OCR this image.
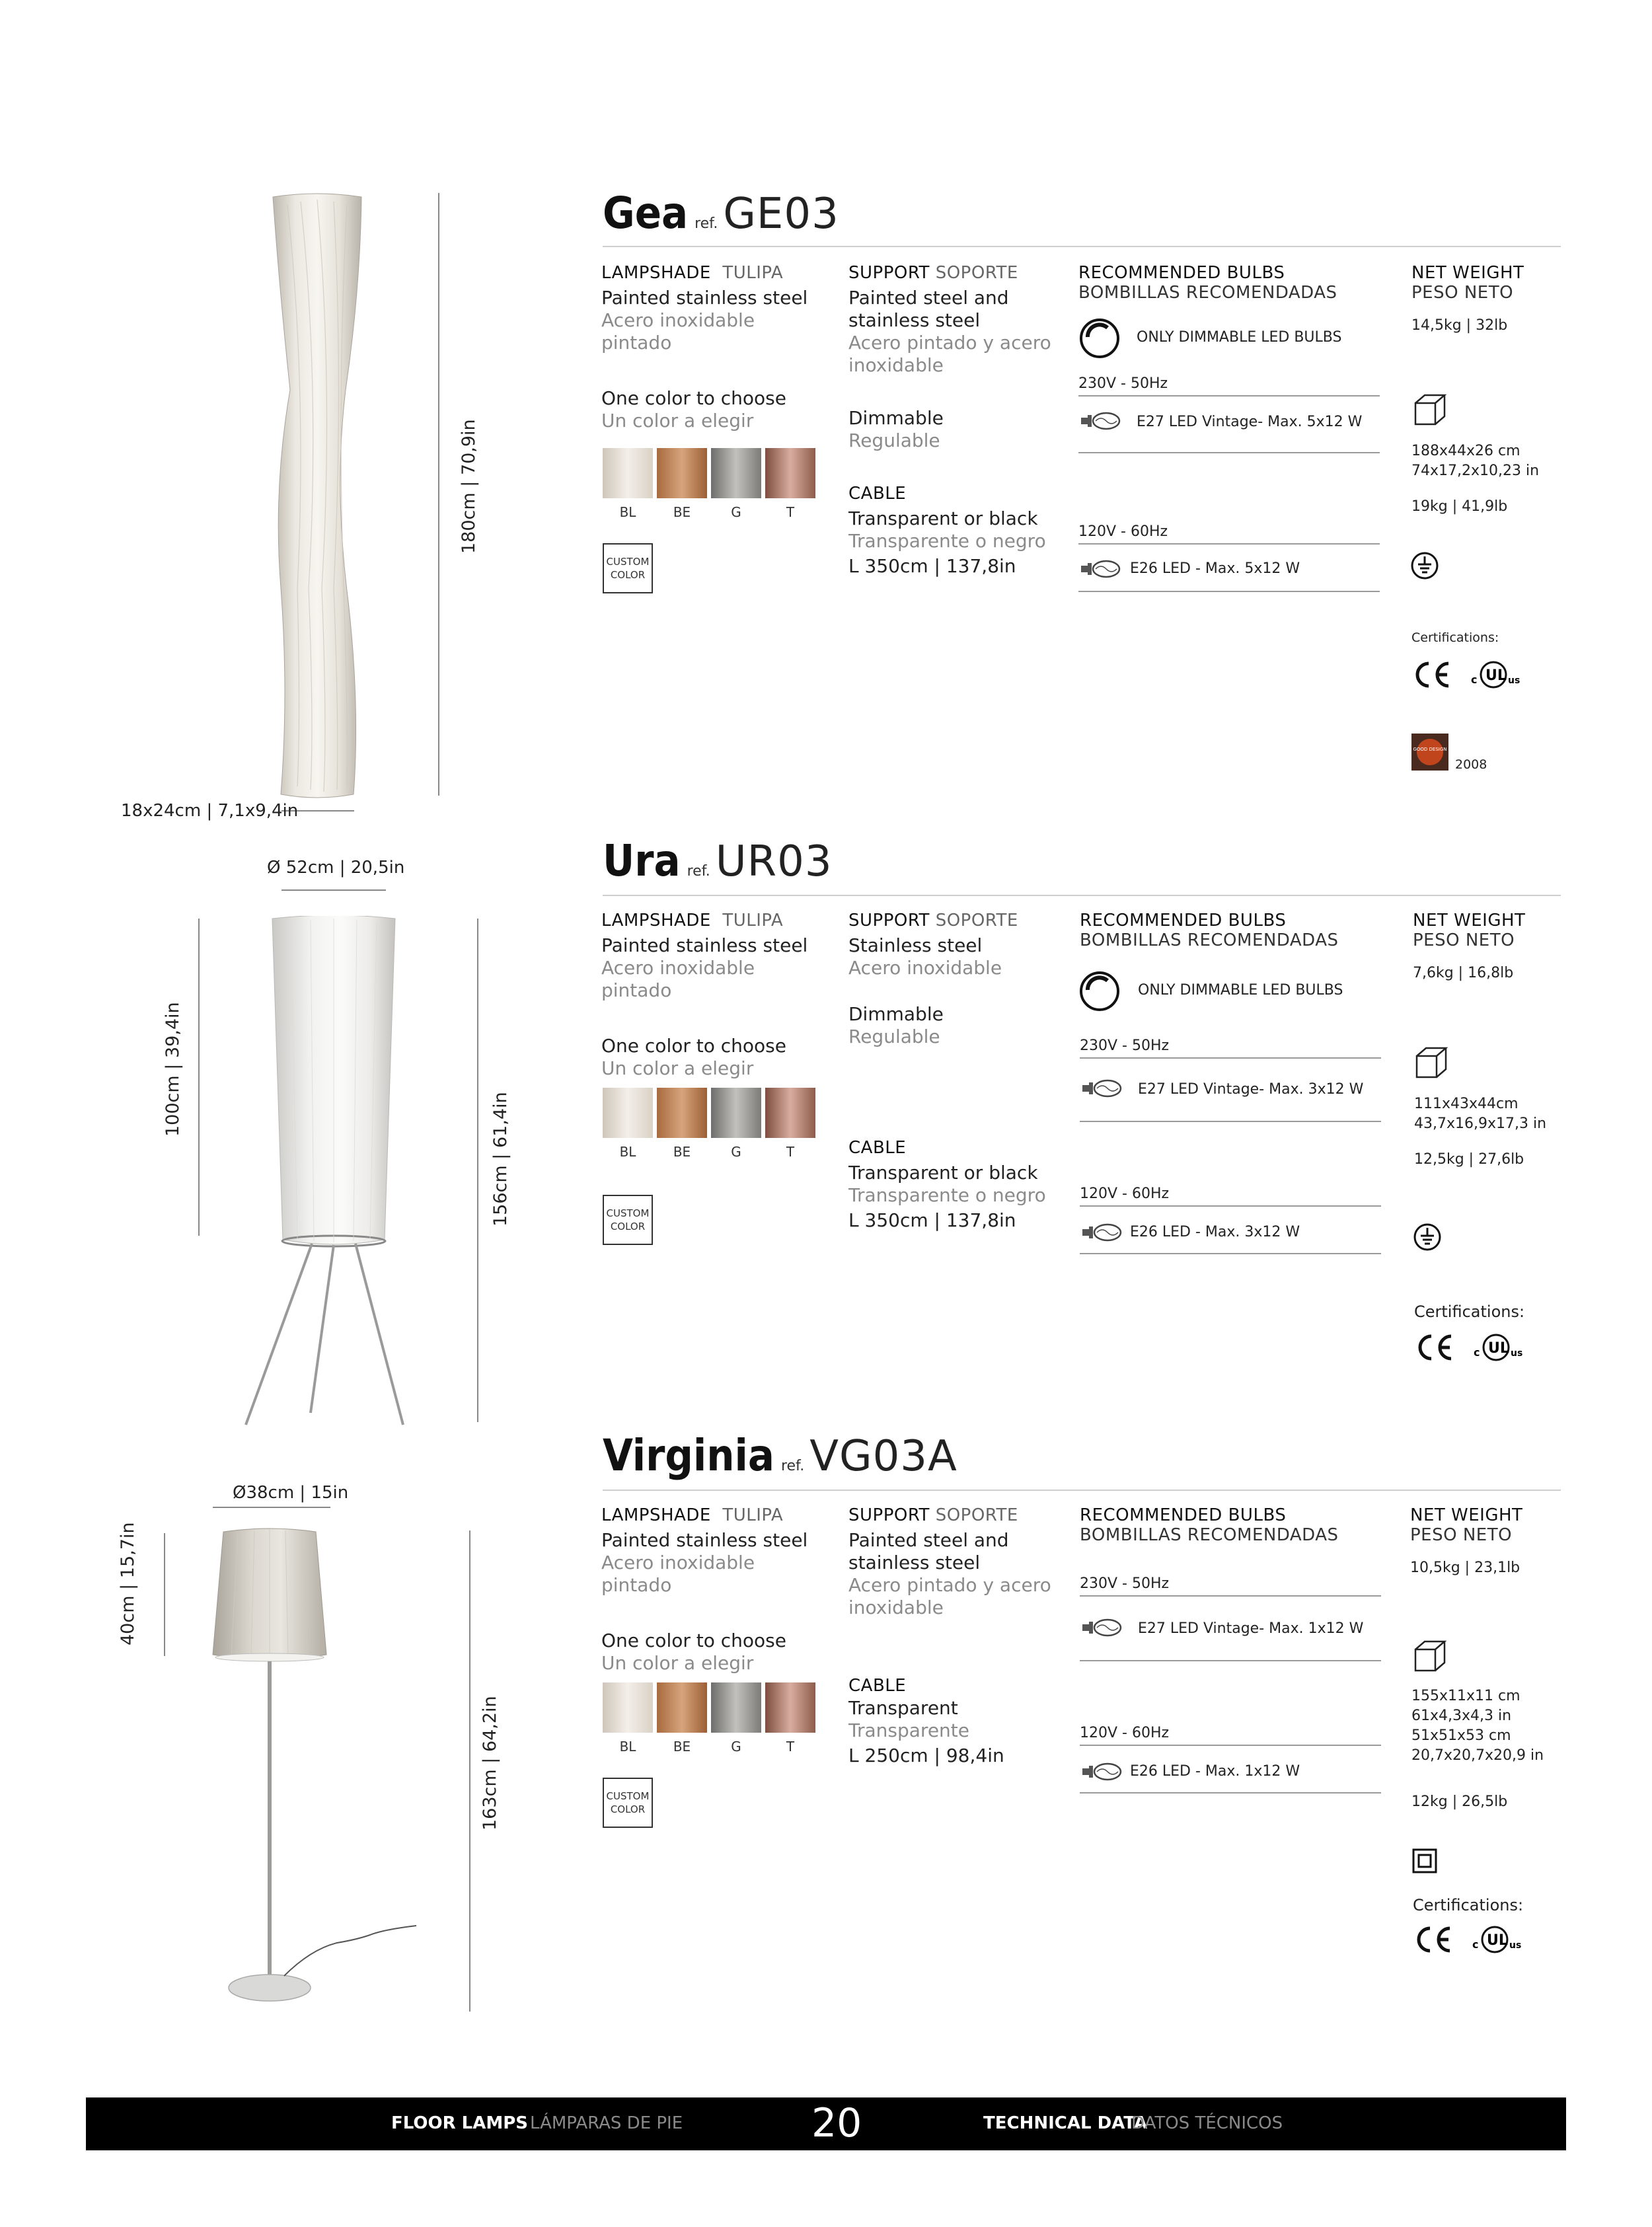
180cm | 70,9in
18x24cm | 7,1x9,4in
Gea ref. GE03
LAMPSHADE TULIPA
Painted stainless steel
Acero inoxidable pintado
One color to choose
Un color a elegir
BL	BE	G	T
CUSTOM
COLOR
SUPPORT SOPORTE
Painted steel and
stainless steel
Acero pintado y acero
inoxidable
Dimmable
Regulable
CABLE
Transparent or black
Transparente o negro
L 350cm | 137,8in
RECOMMENDED BULBS
BOMBILLAS RECOMENDADAS
ONLY DIMMABLE LED BULBS
230V - 50Hz
E27 LED Vintage- Max. 5x12 W
120V - 60Hz
E26 LED - Max. 5x12 W
NET WEIGHT
PESO NETO
14,5kg | 32lb
188x44x26 cm
74x17,2x10,23 in
19kg | 41,9lb
Certifications:
c UL us
GOOD DESIGN
2008
Ø 52cm | 20,5in
100cm | 39,4in
156cm | 61,4in
Ura ref. UR03
LAMPSHADE TULIPA
Painted stainless steel
Acero inoxidable pintado
One color to choose
Un color a elegir
BL	BE	G	T
CUSTOM
COLOR
SUPPORT SOPORTE
Stainless steel
Acero inoxidable
Dimmable
Regulable
CABLE
Transparent or black
Transparente o negro
L 350cm | 137,8in
RECOMMENDED BULBS
BOMBILLAS RECOMENDADAS
ONLY DIMMABLE LED BULBS
230V - 50Hz
E27 LED Vintage- Max. 3x12 W
120V - 60Hz
E26 LED - Max. 3x12 W
NET WEIGHT
PESO NETO
7,6kg | 16,8lb
111x43x44cm
43,7x16,9x17,3 in
12,5kg | 27,6lb
Certifications:
c UL us
Ø38cm | 15in
40cm | 15,7in
163cm | 64,2in
Virginia ref. VG03A
LAMPSHADE TULIPA
Painted stainless steel
Acero inoxidable pintado
One color to choose
Un color a elegir
BL	BE	G	T
CUSTOM
COLOR
SUPPORT SOPORTE
Painted steel and
stainless steel
Acero pintado y acero
inoxidable
CABLE
Transparent
Transparente
L 250cm | 98,4in
RECOMMENDED BULBS
BOMBILLAS RECOMENDADAS
230V - 50Hz
E27 LED Vintage- Max. 1x12 W
120V - 60Hz
E26 LED - Max. 1x12 W
NET WEIGHT
PESO NETO
10,5kg | 23,1lb
155x11x11 cm
61x4,3x4,3 in
51x51x53 cm
20,7x20,7x20,9 in
12kg | 26,5lb
Certifications:
c UL us
FLOOR LAMPS LÁMPARAS DE PIE	20	TECHNICAL DATA
DATOS TÉCNICOS
